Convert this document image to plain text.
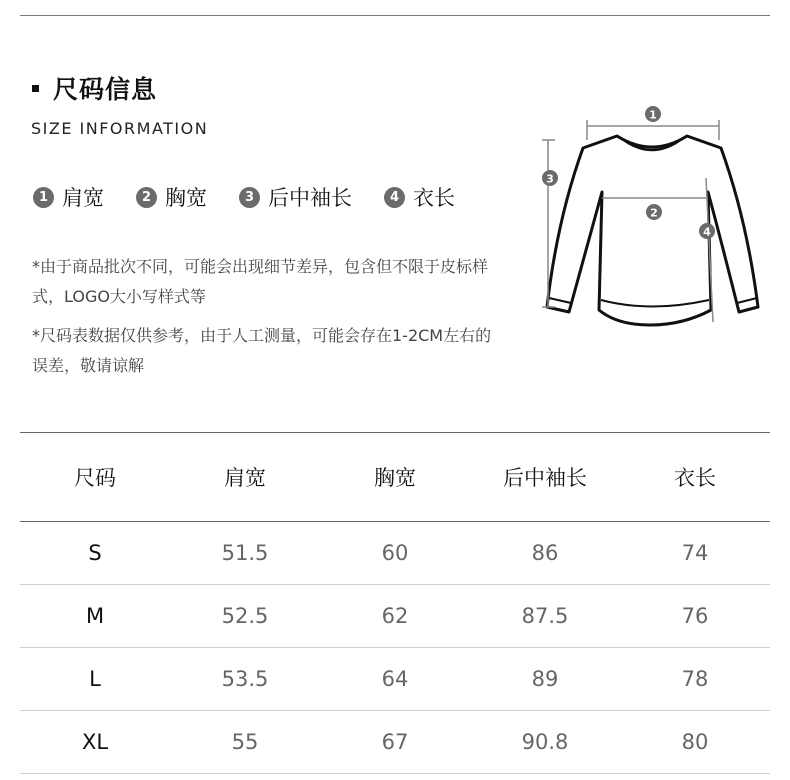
尺码信息
SIZE INFORMATION
1 肩宽	2 胸宽	3 后中袖长	4 衣长
*由于商品批次不同，可能会出现细节差异，包含但不限于皮标样式，LOGO大小写样式等
*尺码表数据仅供参考，由于人工测量，可能会存在1-2CM左右的误差，敬请谅解
1
2
3
4
尺码	肩宽	胸宽	后中袖长	衣长
S	51.5	60	86	74
M	52.5	62	87.5	76
L	53.5	64	89	78
XL	55	67	90.8	80
